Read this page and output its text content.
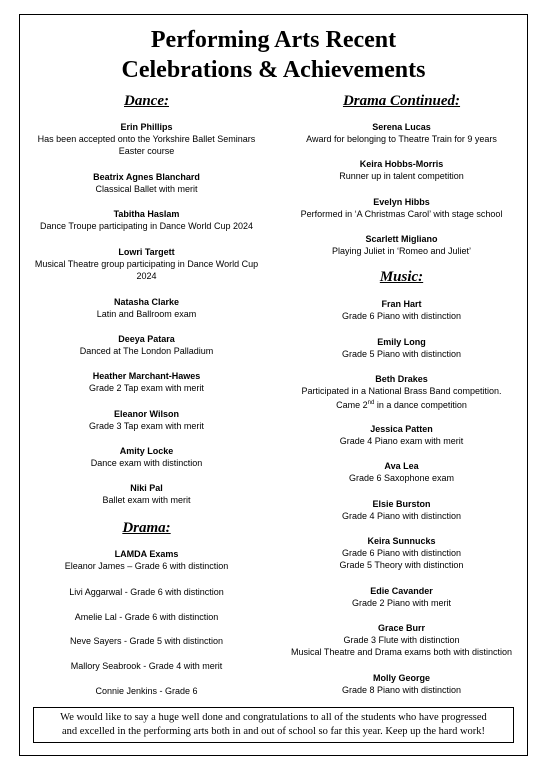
Performing Arts Recent
Celebrations & Achievements
Dance:
Erin Phillips
Has been accepted onto the Yorkshire Ballet Seminars
Easter course
Beatrix Agnes Blanchard
Classical Ballet with merit
Tabitha Haslam
Dance Troupe participating in Dance World Cup 2024
Lowri Targett
Musical Theatre group participating in Dance World Cup
2024
Natasha Clarke
Latin and Ballroom exam
Deeya Patara
Danced at The London Palladium
Heather Marchant-Hawes
Grade 2 Tap exam with merit
Eleanor Wilson
Grade 3 Tap exam with merit
Amity Locke
Dance exam with distinction
Niki Pal
Ballet exam with merit
Drama:
LAMDA Exams
Eleanor James – Grade 6 with distinction
Livi Aggarwal - Grade 6 with distinction
Amelie Lal - Grade 6 with distinction
Neve Sayers - Grade 5 with distinction
Mallory Seabrook - Grade 4 with merit
Connie Jenkins - Grade 6
Drama Continued:
Serena Lucas
Award for belonging to Theatre Train for 9 years
Keira Hobbs-Morris
Runner up in talent competition
Evelyn Hibbs
Performed in ‘A Christmas Carol’ with stage school
Scarlett Migliano
Playing Juliet in ‘Romeo and Juliet’
Music:
Fran Hart
Grade 6 Piano with distinction
Emily Long
Grade 5 Piano with distinction
Beth Drakes
Participated in a National Brass Band competition.
Came 2nd in a dance competition
Jessica Patten
Grade 4 Piano exam with merit
Ava Lea
Grade 6 Saxophone exam
Elsie Burston
Grade 4 Piano with distinction
Keira Sunnucks
Grade 6 Piano with distinction
Grade 5 Theory with distinction
Edie Cavander
Grade 2 Piano with merit
Grace Burr
Grade 3 Flute with distinction
Musical Theatre and Drama exams both with distinction
Molly George
Grade 8 Piano with distinction
We would like to say a huge well done and congratulations to all of the students who have progressed
and excelled in the performing arts both in and out of school so far this year. Keep up the hard work!
